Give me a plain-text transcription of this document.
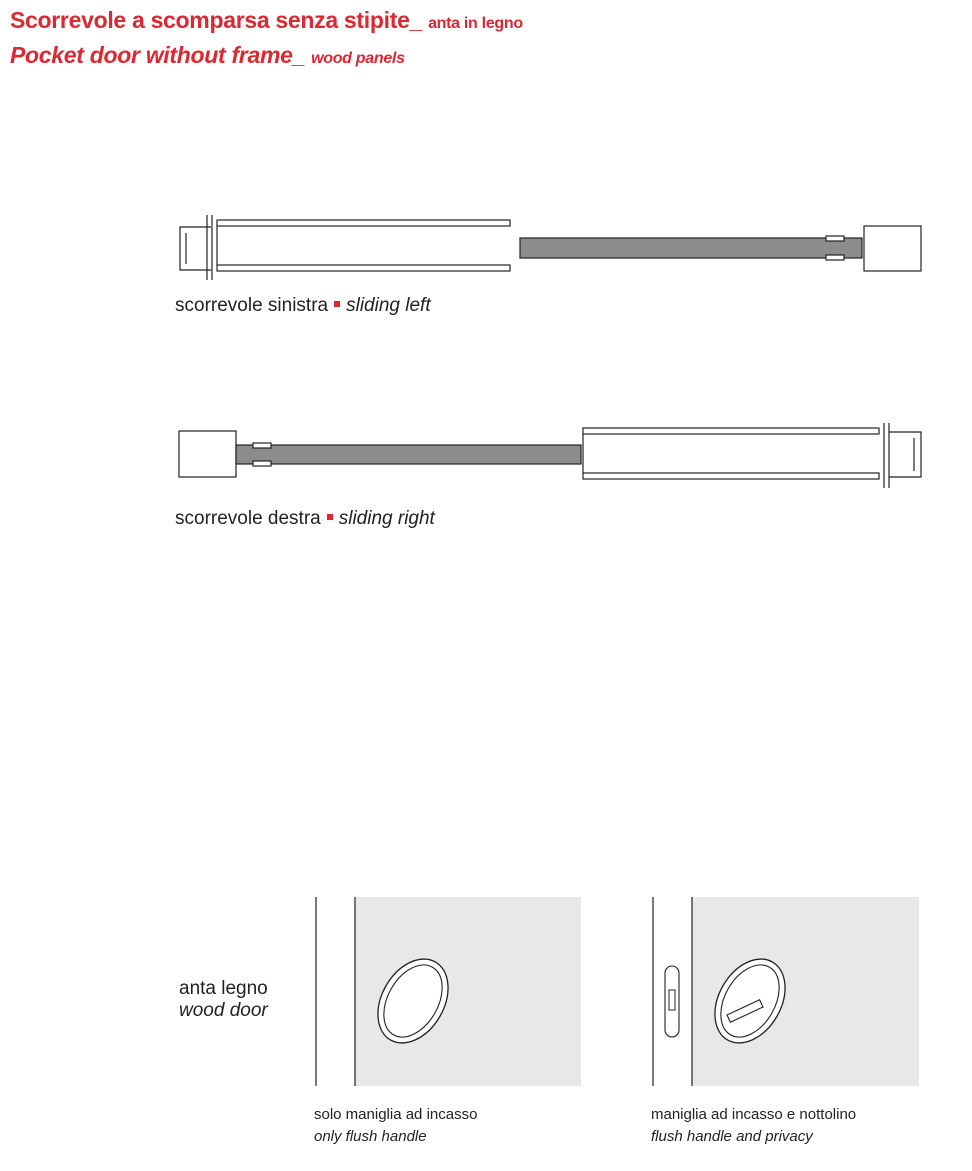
Scorrevole a scomparsa senza stipite_ anta in legno
Pocket door without frame_ wood panels
scorrevole sinistra sliding left
scorrevole destra sliding right
anta legno
wood door
solo maniglia ad incasso
only flush handle
maniglia ad incasso e nottolino
flush handle and privacy
